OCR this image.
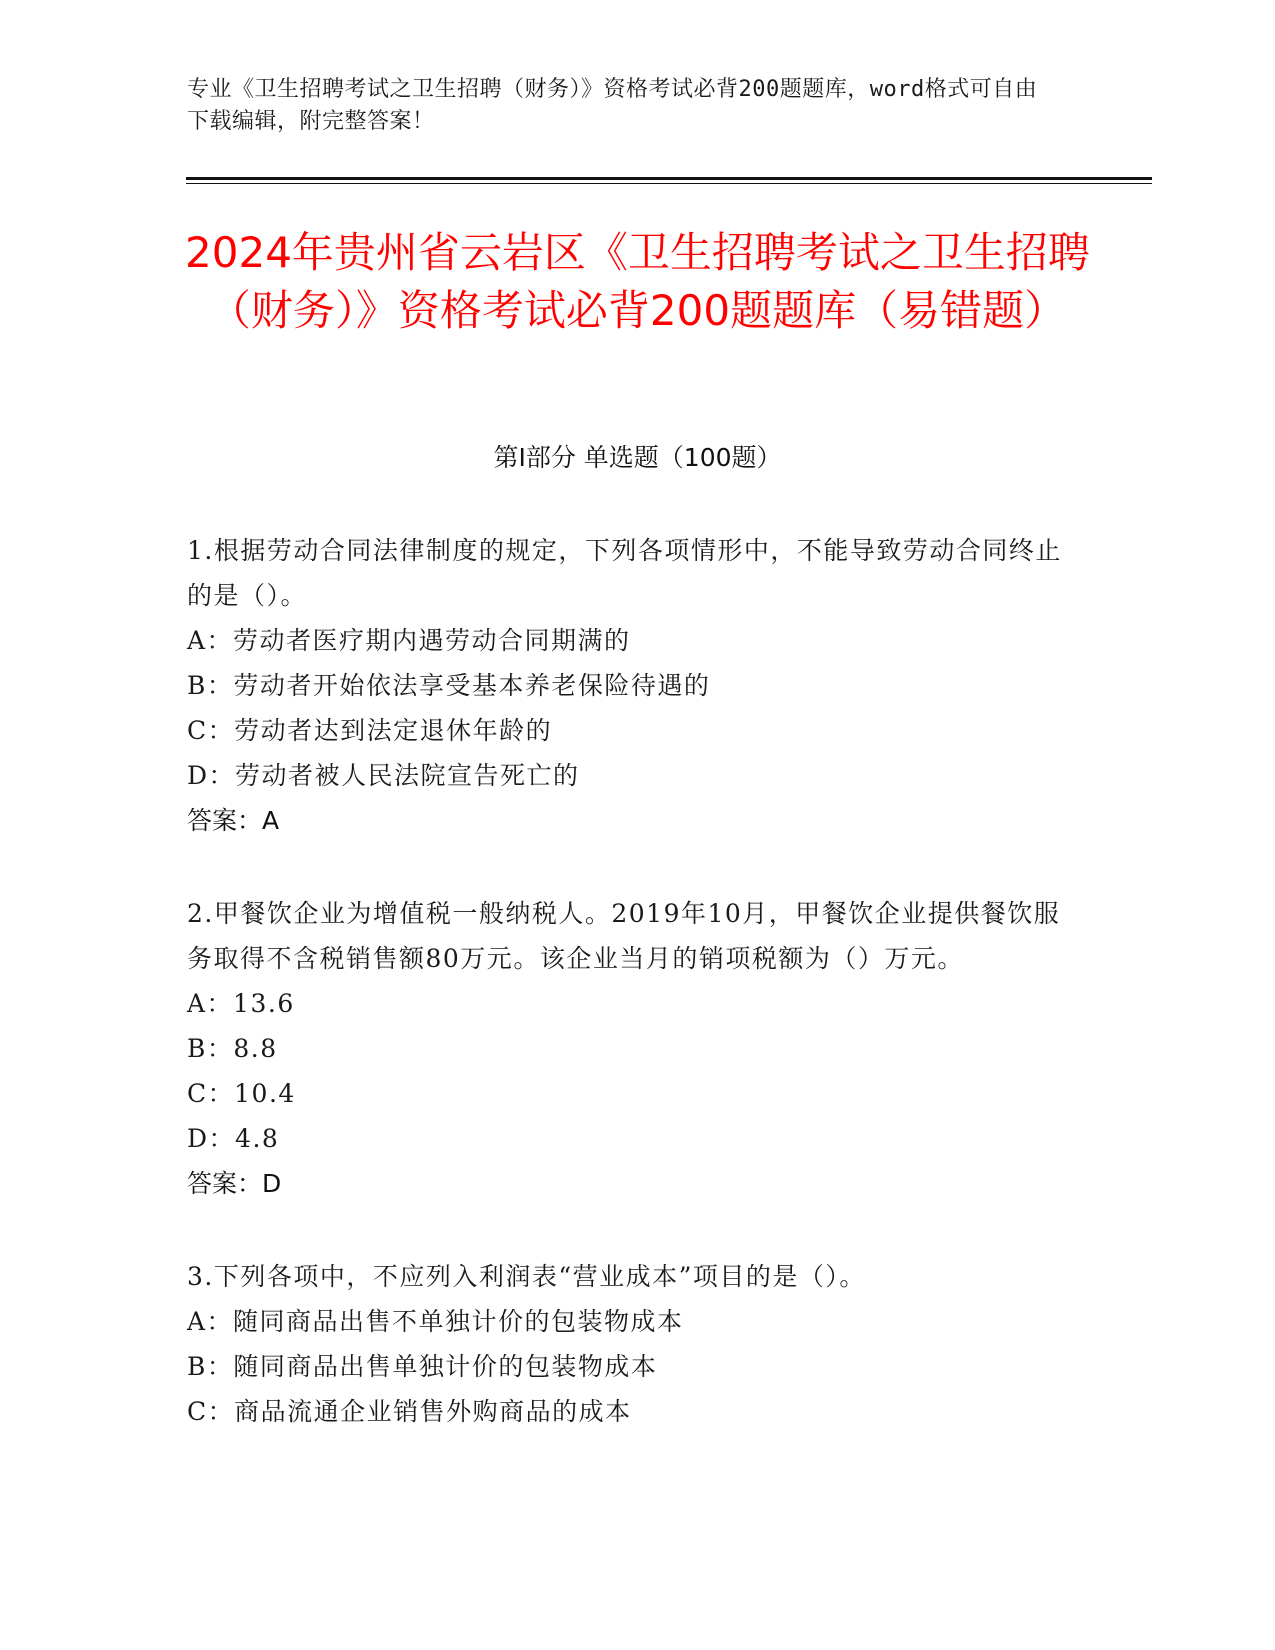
专业《卫生招聘考试之卫生招聘（财务）》资格考试必背200题题库，word格式可自由下载编辑，附完整答案！
2024年贵州省云岩区《卫生招聘考试之卫生招聘（财务）》资格考试必背200题题库（易错题）
第I部分 单选题（100题）
1.根据劳动合同法律制度的规定，下列各项情形中，不能导致劳动合同终止的是（）。
A：劳动者医疗期内遇劳动合同期满的
B：劳动者开始依法享受基本养老保险待遇的
C：劳动者达到法定退休年龄的
D：劳动者被人民法院宣告死亡的
答案：A
2.甲餐饮企业为增值税一般纳税人。2019年10月，甲餐饮企业提供餐饮服务取得不含税销售额80万元。该企业当月的销项税额为（）万元。
A：13.6
B：8.8
C：10.4
D：4.8
答案：D
3.下列各项中，不应列入利润表“营业成本”项目的是（）。
A：随同商品出售不单独计价的包装物成本
B：随同商品出售单独计价的包装物成本
C：商品流通企业销售外购商品的成本
